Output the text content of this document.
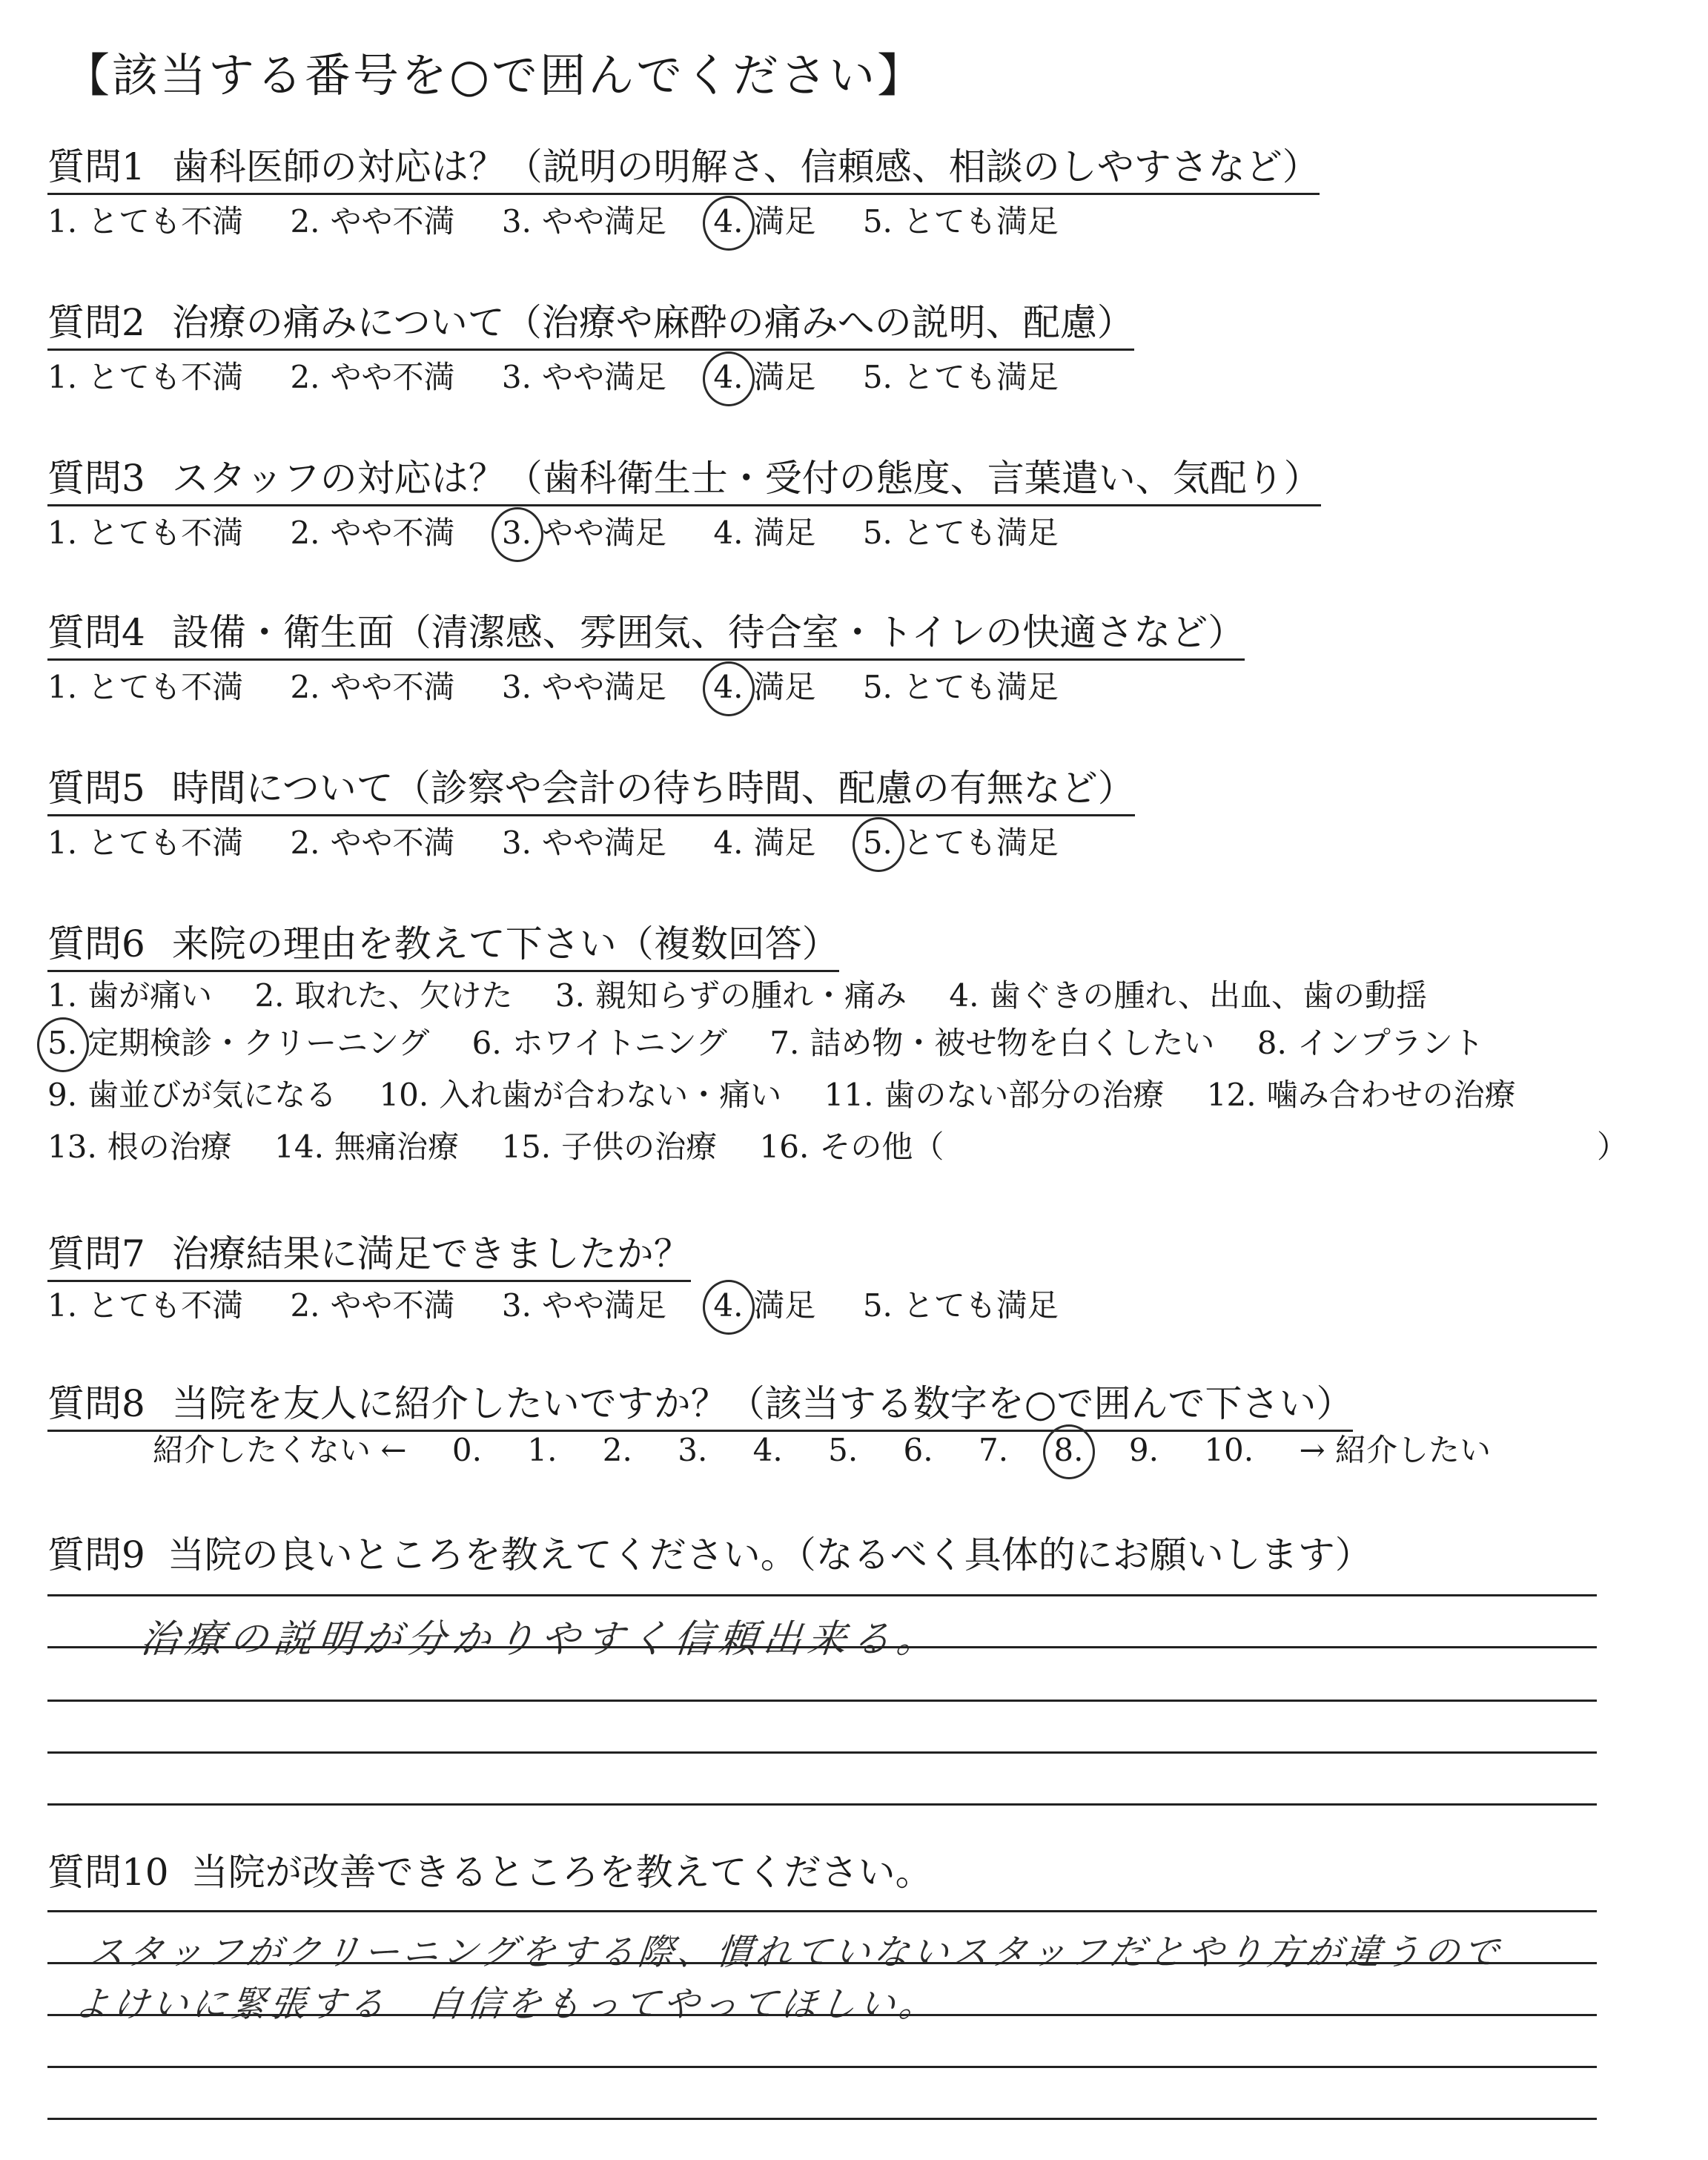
【該当する番号を○で囲んでください】
質問1 歯科医師の対応は？（説明の明解さ、信頼感、相談のしやすさなど）
1. とても不満 2. やや不満 3. やや満足 4. 満足 5. とても満足
質問2 治療の痛みについて（治療や麻酔の痛みへの説明、配慮）
1. とても不満 2. やや不満 3. やや満足 4. 満足 5. とても満足
質問3 スタッフの対応は？（歯科衛生士・受付の態度、言葉遣い、気配り）
1. とても不満 2. やや不満 3. やや満足 4. 満足 5. とても満足
質問4 設備・衛生面（清潔感、雰囲気、待合室・トイレの快適さなど）
1. とても不満 2. やや不満 3. やや満足 4. 満足 5. とても満足
質問5 時間について（診察や会計の待ち時間、配慮の有無など）
1. とても不満 2. やや不満 3. やや満足 4. 満足 5. とても満足
質問6 来院の理由を教えて下さい（複数回答）
1. 歯が痛い 2. 取れた、欠けた 3. 親知らずの腫れ・痛み 4. 歯ぐきの腫れ、出血、歯の動揺
5. 定期検診・クリーニング 6. ホワイトニング 7. 詰め物・被せ物を白くしたい 8. インプラント
9. 歯並びが気になる 10. 入れ歯が合わない・痛い 11. 歯のない部分の治療 12. 噛み合わせの治療
13. 根の治療 14. 無痛治療 15. 子供の治療 16. その他（	）
質問7 治療結果に満足できましたか？
1. とても不満 2. やや不満 3. やや満足 4. 満足 5. とても満足
質問8 当院を友人に紹介したいですか？（該当する数字を○で囲んで下さい）
紹介したくない ← 0. 1. 2. 3. 4. 5. 6. 7. 8. 9. 10. → 紹介したい
質問9 当院の良いところを教えてください。（なるべく具体的にお願いします）
治療の説明が分かりやすく信頼出来る。
質問10 当院が改善できるところを教えてください。
スタッフがクリーニングをする際、慣れていないスタッフだとやり方が違うので
よけいに緊張する　自信をもってやってほしい。
